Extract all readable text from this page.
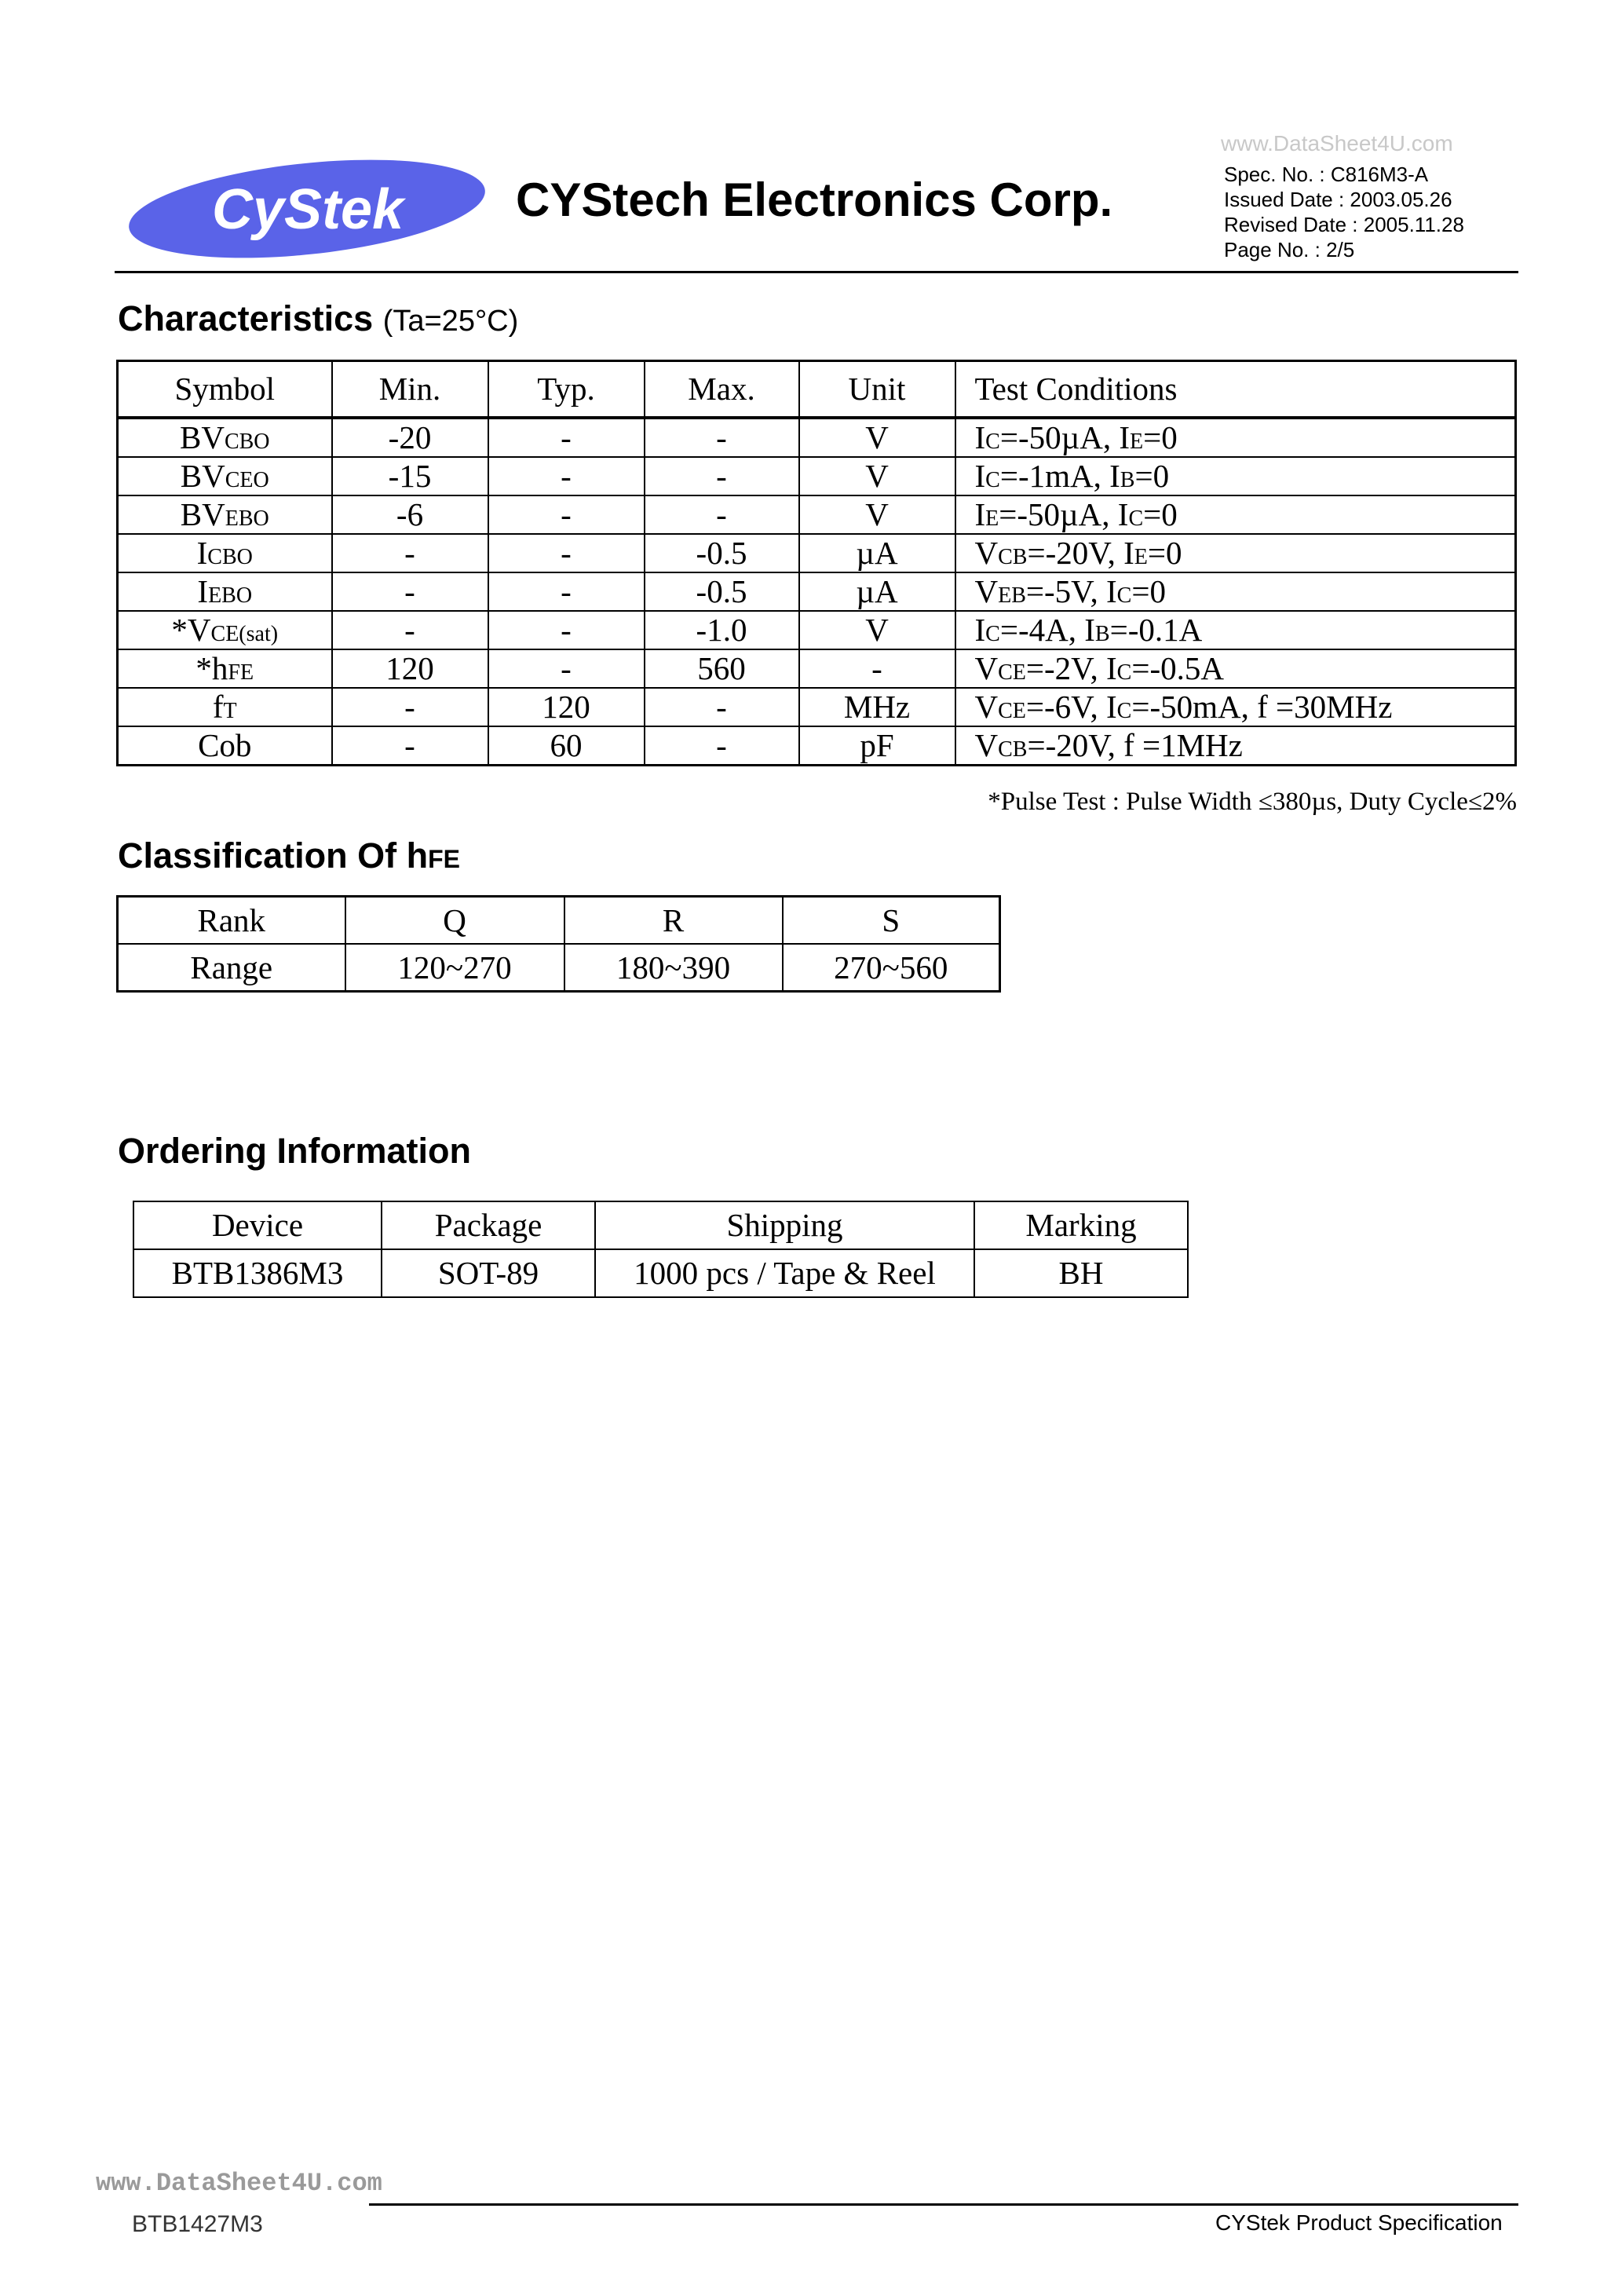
CyStek CYStech Electronics Corp.
www.DataSheet4U.com
Spec. No. : C816M3-A
Issued Date : 2003.05.26
Revised Date : 2005.11.28
Page No. : 2/5
Characteristics (Ta=25°C)
Symbol	Min.	Typ.	Max.	Unit	Test Conditions
BVCBO	-20	-	-	V	IC=-50µA, IE=0
BVCEO	-15	-	-	V	IC=-1mA, IB=0
BVEBO	-6	-	-	V	IE=-50µA, IC=0
ICBO	-	-	-0.5	µA	VCB=-20V, IE=0
IEBO	-	-	-0.5	µA	VEB=-5V, IC=0
*VCE(sat)	-	-	-1.0	V	IC=-4A, IB=-0.1A
*hFE	120	-	560	-	VCE=-2V, IC=-0.5A
fT	-	120	-	MHz	VCE=-6V, IC=-50mA, f =30MHz
Cob	-	60	-	pF	VCB=-20V, f =1MHz
*Pulse Test : Pulse Width ≤380µs, Duty Cycle≤2%
Classification Of hFE
Rank	Q	R	S
Range	120~270	180~390	270~560
Ordering Information
Device	Package	Shipping	Marking
BTB1386M3	SOT-89	1000 pcs / Tape & Reel	BH
www.DataSheet4U.com
BTB1427M3	CYStek Product Specification
